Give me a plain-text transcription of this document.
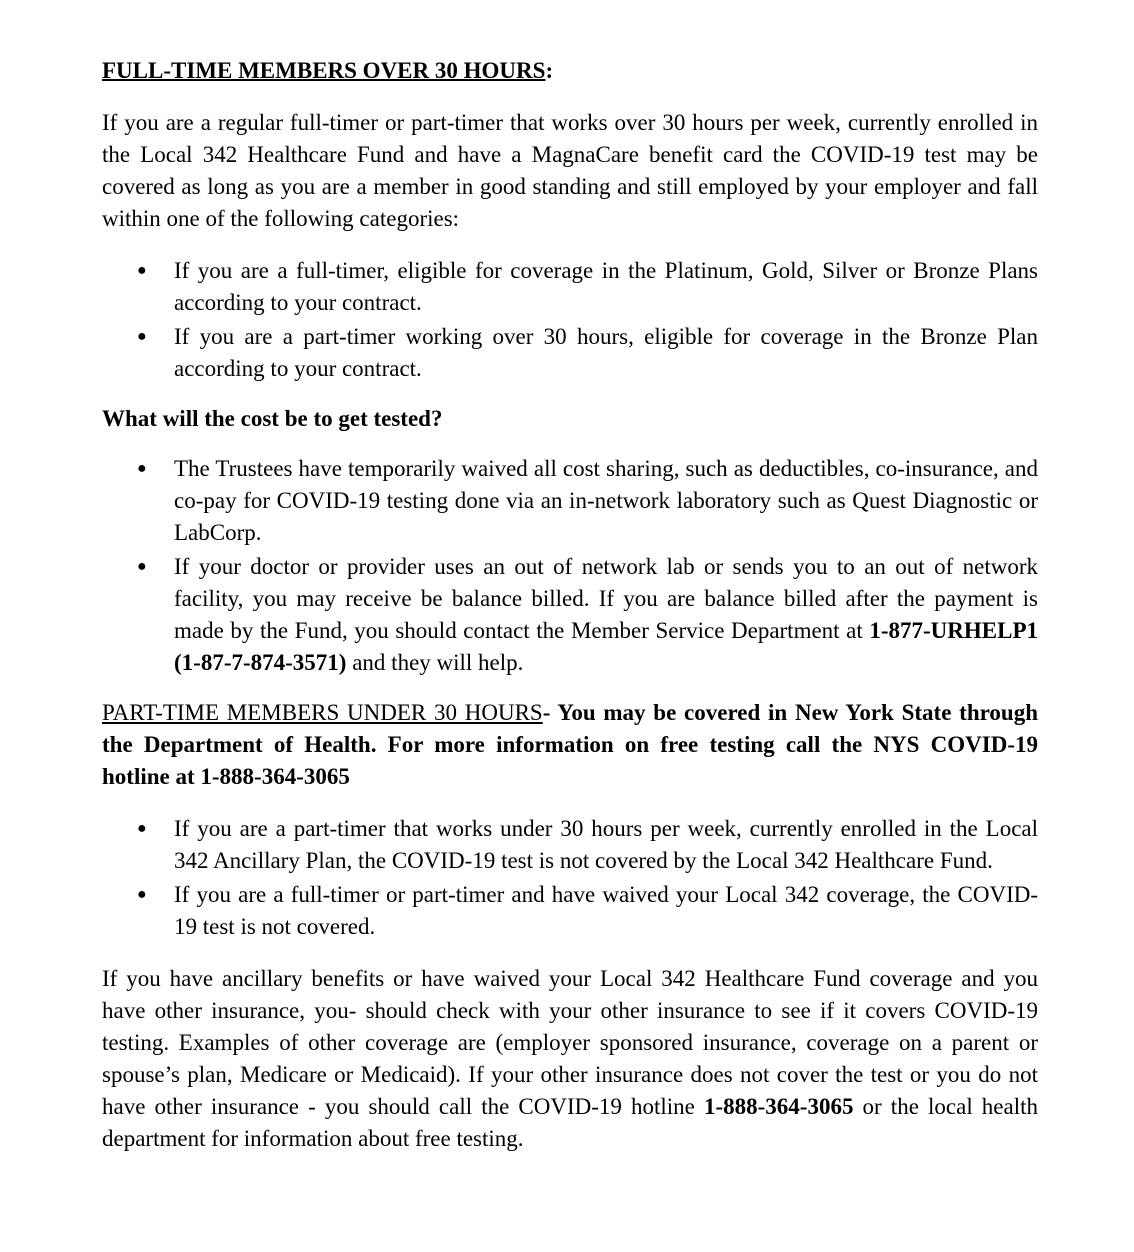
FULL-TIME MEMBERS OVER 30 HOURS:

If you are a regular full-timer or part-timer that works over 30 hours per week, currently enrolled in the Local 342 Healthcare Fund and have a MagnaCare benefit card the COVID-19 test may be covered as long as you are a member in good standing and still employed by your employer and fall within one of the following categories:

● If you are a full-timer, eligible for coverage in the Platinum, Gold, Silver or Bronze Plans according to your contract.
● If you are a part-timer working over 30 hours, eligible for coverage in the Bronze Plan according to your contract.

What will the cost be to get tested?

● The Trustees have temporarily waived all cost sharing, such as deductibles, co-insurance, and co-pay for COVID-19 testing done via an in-network laboratory such as Quest Diagnostic or LabCorp.
● If your doctor or provider uses an out of network lab or sends you to an out of network facility, you may receive be balance billed. If you are balance billed after the payment is made by the Fund, you should contact the Member Service Department at 1-877-URHELP1 (1-87-7-874-3571) and they will help.

PART-TIME MEMBERS UNDER 30 HOURS- You may be covered in New York State through the Department of Health. For more information on free testing call the NYS COVID-19 hotline at 1-888-364-3065

● If you are a part-timer that works under 30 hours per week, currently enrolled in the Local 342 Ancillary Plan, the COVID-19 test is not covered by the Local 342 Healthcare Fund.
● If you are a full-timer or part-timer and have waived your Local 342 coverage, the COVID-19 test is not covered.

If you have ancillary benefits or have waived your Local 342 Healthcare Fund coverage and you have other insurance, you- should check with your other insurance to see if it covers COVID-19 testing. Examples of other coverage are (employer sponsored insurance, coverage on a parent or spouse’s plan, Medicare or Medicaid). If your other insurance does not cover the test or you do not have other insurance - you should call the COVID-19 hotline 1-888-364-3065 or the local health department for information about free testing.
